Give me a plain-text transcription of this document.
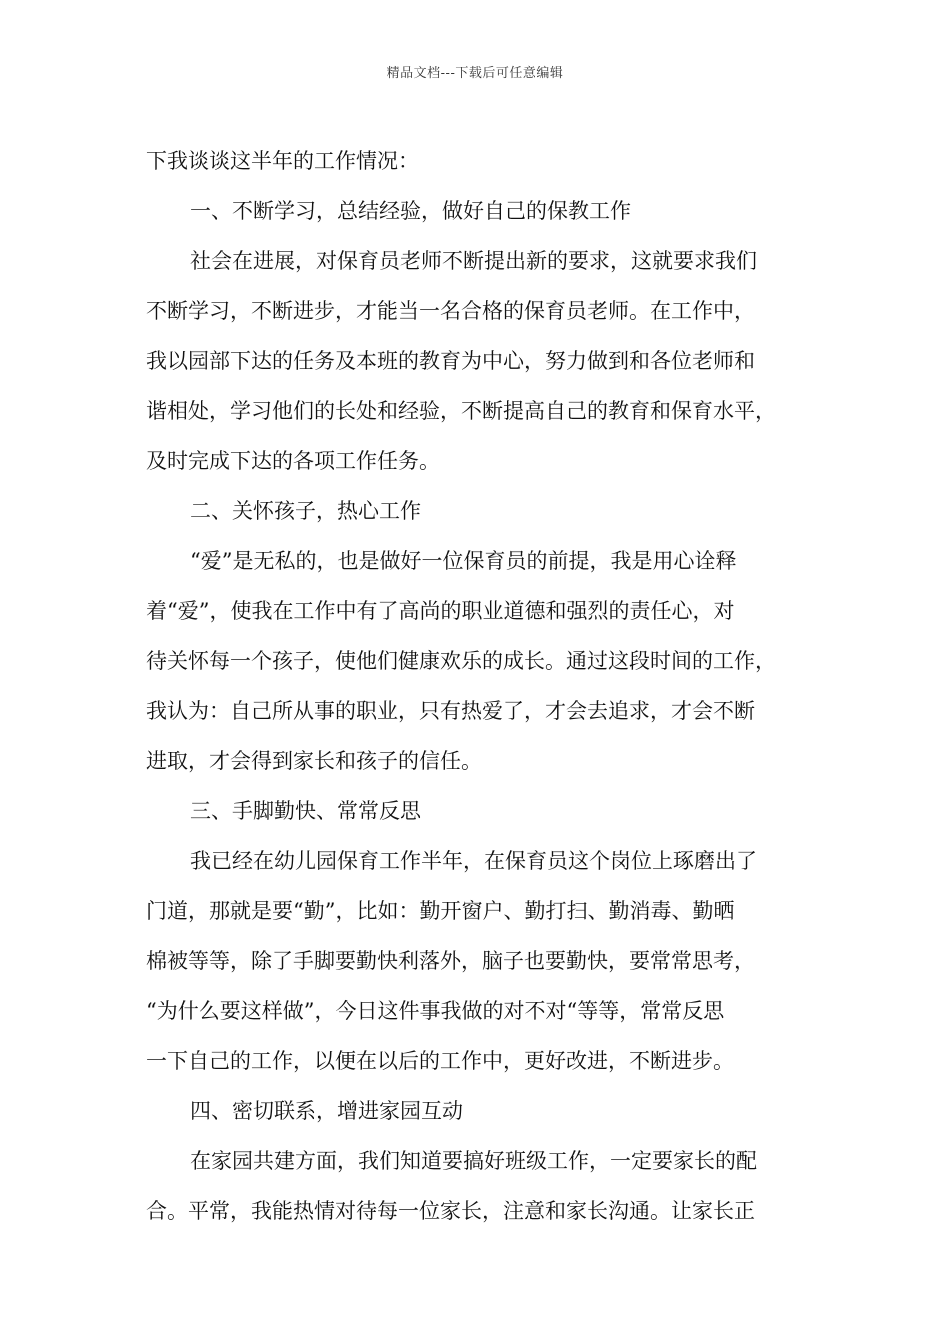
精品文档---下载后可任意编辑
下我谈谈这半年的工作情况：
一、不断学习，总结经验，做好自己的保教工作
社会在进展，对保育员老师不断提出新的要求，这就要求我们
不断学习，不断进步，才能当一名合格的保育员老师。在工作中，
我以园部下达的任务及本班的教育为中心，努力做到和各位老师和
谐相处，学习他们的长处和经验，不断提高自己的教育和保育水平，
及时完成下达的各项工作任务。
二、关怀孩子，热心工作
“爱”是无私的，也是做好一位保育员的前提，我是用心诠释
着“爱”，使我在工作中有了高尚的职业道德和强烈的责任心，对
待关怀每一个孩子，使他们健康欢乐的成长。通过这段时间的工作，
我认为：自己所从事的职业，只有热爱了，才会去追求，才会不断
进取，才会得到家长和孩子的信任。
三、手脚勤快、常常反思
我已经在幼儿园保育工作半年，在保育员这个岗位上琢磨出了
门道，那就是要“勤”，比如：勤开窗户、勤打扫、勤消毒、勤晒
棉被等等，除了手脚要勤快利落外，脑子也要勤快，要常常思考，
“为什么要这样做”，今日这件事我做的对不对“等等，常常反思
一下自己的工作，以便在以后的工作中，更好改进，不断进步。
四、密切联系，增进家园互动
在家园共建方面，我们知道要搞好班级工作，一定要家长的配
合。平常，我能热情对待每一位家长，注意和家长沟通。让家长正
